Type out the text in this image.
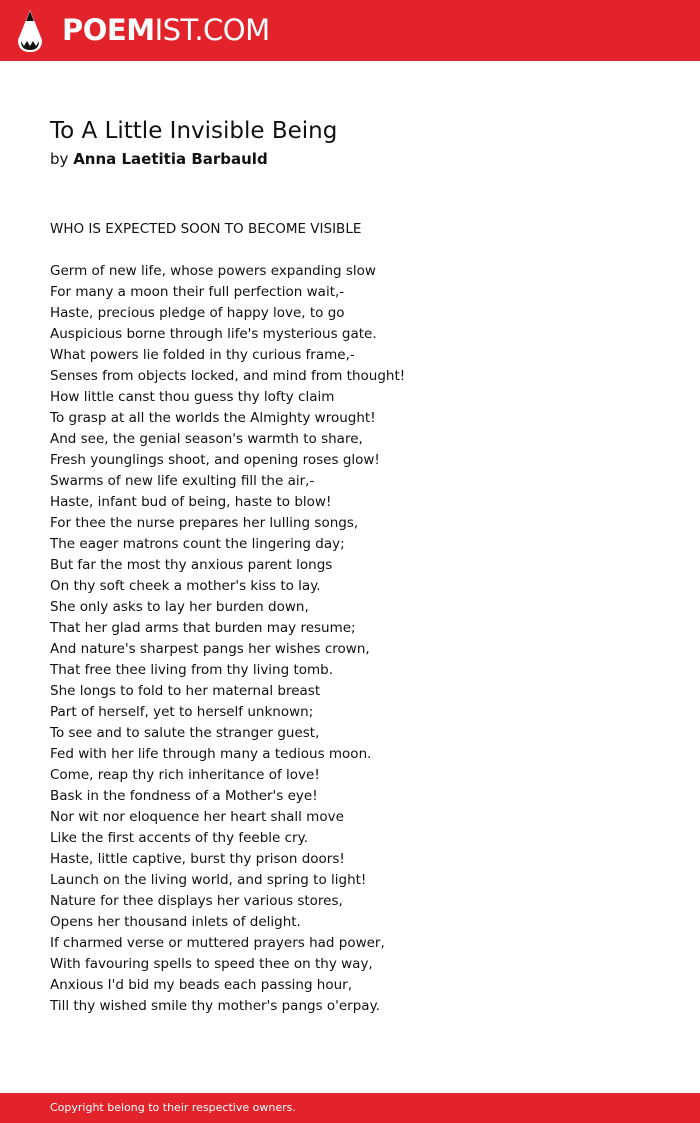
POEMIST.COM
To A Little Invisible Being
by Anna Laetitia Barbauld
WHO IS EXPECTED SOON TO BECOME VISIBLE
Germ of new life, whose powers expanding slow
For many a moon their full perfection wait,-
Haste, precious pledge of happy love, to go
Auspicious borne through life's mysterious gate.
What powers lie folded in thy curious frame,-
Senses from objects locked, and mind from thought!
How little canst thou guess thy lofty claim
To grasp at all the worlds the Almighty wrought!
And see, the genial season's warmth to share,
Fresh younglings shoot, and opening roses glow!
Swarms of new life exulting fill the air,-
Haste, infant bud of being, haste to blow!
For thee the nurse prepares her lulling songs,
The eager matrons count the lingering day;
But far the most thy anxious parent longs
On thy soft cheek a mother's kiss to lay.
She only asks to lay her burden down,
That her glad arms that burden may resume;
And nature's sharpest pangs her wishes crown,
That free thee living from thy living tomb.
She longs to fold to her maternal breast
Part of herself, yet to herself unknown;
To see and to salute the stranger guest,
Fed with her life through many a tedious moon.
Come, reap thy rich inheritance of love!
Bask in the fondness of a Mother's eye!
Nor wit nor eloquence her heart shall move
Like the first accents of thy feeble cry.
Haste, little captive, burst thy prison doors!
Launch on the living world, and spring to light!
Nature for thee displays her various stores,
Opens her thousand inlets of delight.
If charmed verse or muttered prayers had power,
With favouring spells to speed thee on thy way,
Anxious I'd bid my beads each passing hour,
Till thy wished smile thy mother's pangs o'erpay.
Copyright belong to their respective owners.
